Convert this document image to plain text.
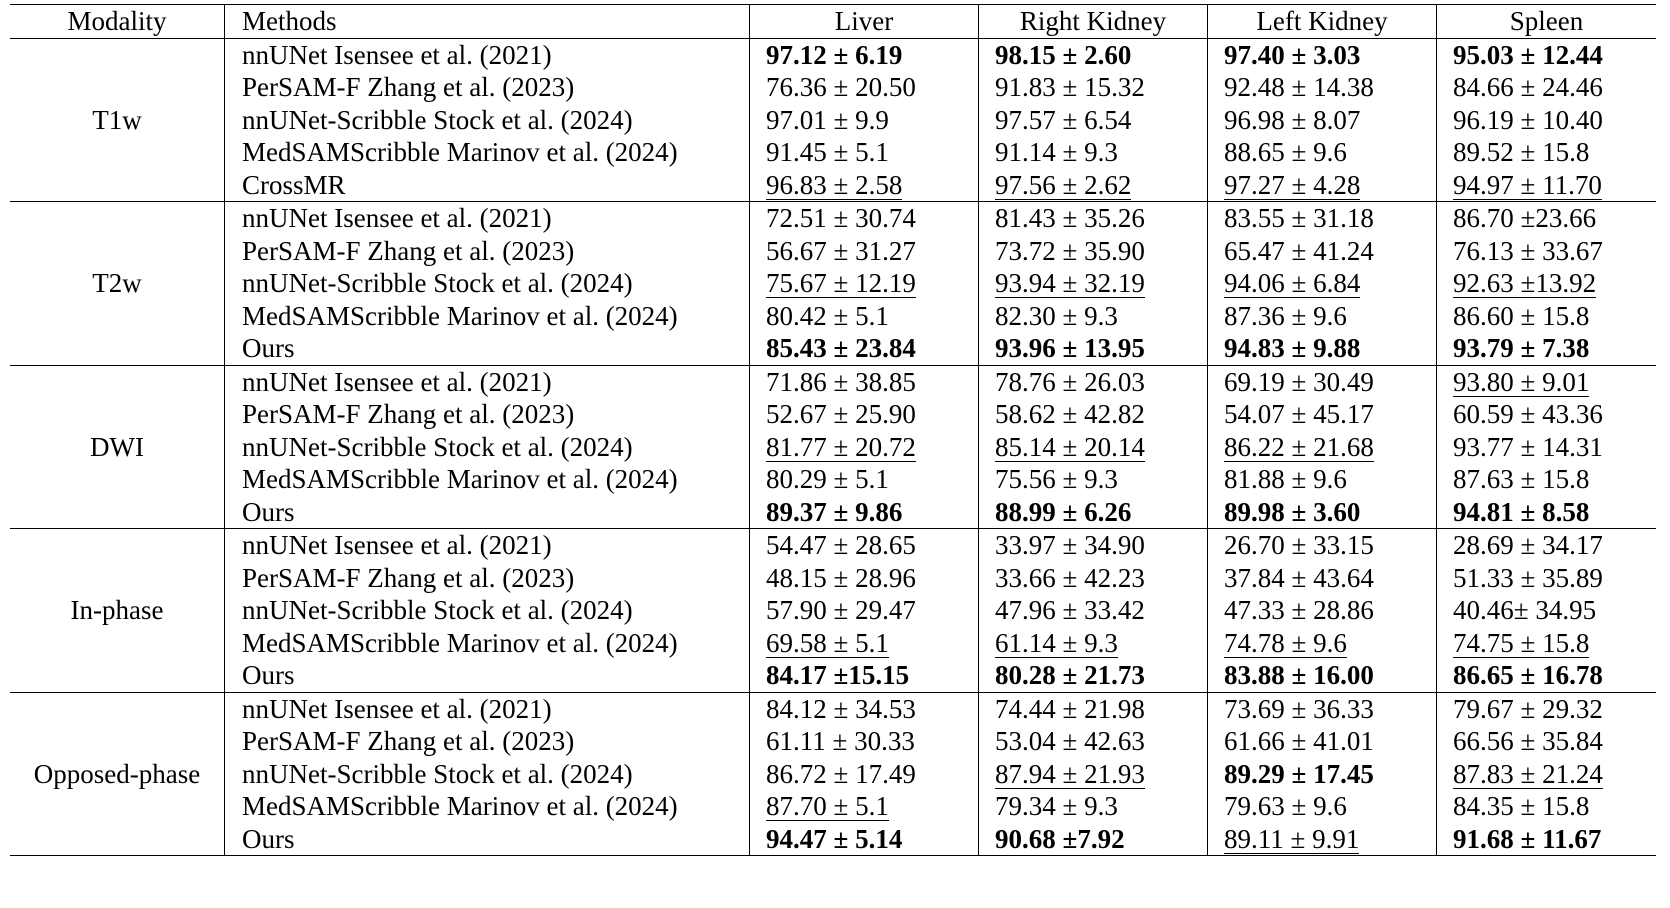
Modality	Methods	Liver	Right Kidney	Left Kidney	Spleen
T1w	nnUNet Isensee et al. (2021)	97.12 ± 6.19	98.15 ± 2.60	97.40 ± 3.03	95.03 ± 12.44
	PerSAM-F Zhang et al. (2023)	76.36 ± 20.50	91.83 ± 15.32	92.48 ± 14.38	84.66 ± 24.46
	nnUNet-Scribble Stock et al. (2024)	97.01 ± 9.9	97.57 ± 6.54	96.98 ± 8.07	96.19 ± 10.40
	MedSAMScribble Marinov et al. (2024)	91.45 ± 5.1	91.14 ± 9.3	88.65 ± 9.6	89.52 ± 15.8
	CrossMR	96.83 ± 2.58	97.56 ± 2.62	97.27 ± 4.28	94.97 ± 11.70
T2w	nnUNet Isensee et al. (2021)	72.51 ± 30.74	81.43 ± 35.26	83.55 ± 31.18	86.70 ±23.66
	PerSAM-F Zhang et al. (2023)	56.67 ± 31.27	73.72 ± 35.90	65.47 ± 41.24	76.13 ± 33.67
	nnUNet-Scribble Stock et al. (2024)	75.67 ± 12.19	93.94 ± 32.19	94.06 ± 6.84	92.63 ±13.92
	MedSAMScribble Marinov et al. (2024)	80.42 ± 5.1	82.30 ± 9.3	87.36 ± 9.6	86.60 ± 15.8
	Ours	85.43 ± 23.84	93.96 ± 13.95	94.83 ± 9.88	93.79 ± 7.38
DWI	nnUNet Isensee et al. (2021)	71.86 ± 38.85	78.76 ± 26.03	69.19 ± 30.49	93.80 ± 9.01
	PerSAM-F Zhang et al. (2023)	52.67 ± 25.90	58.62 ± 42.82	54.07 ± 45.17	60.59 ± 43.36
	nnUNet-Scribble Stock et al. (2024)	81.77 ± 20.72	85.14 ± 20.14	86.22 ± 21.68	93.77 ± 14.31
	MedSAMScribble Marinov et al. (2024)	80.29 ± 5.1	75.56 ± 9.3	81.88 ± 9.6	87.63 ± 15.8
	Ours	89.37 ± 9.86	88.99 ± 6.26	89.98 ± 3.60	94.81 ± 8.58
In-phase	nnUNet Isensee et al. (2021)	54.47 ± 28.65	33.97 ± 34.90	26.70 ± 33.15	28.69 ± 34.17
	PerSAM-F Zhang et al. (2023)	48.15 ± 28.96	33.66 ± 42.23	37.84 ± 43.64	51.33 ± 35.89
	nnUNet-Scribble Stock et al. (2024)	57.90 ± 29.47	47.96 ± 33.42	47.33 ± 28.86	40.46± 34.95
	MedSAMScribble Marinov et al. (2024)	69.58 ± 5.1	61.14 ± 9.3	74.78 ± 9.6	74.75 ± 15.8
	Ours	84.17 ±15.15	80.28 ± 21.73	83.88 ± 16.00	86.65 ± 16.78
Opposed-phase	nnUNet Isensee et al. (2021)	84.12 ± 34.53	74.44 ± 21.98	73.69 ± 36.33	79.67 ± 29.32
	PerSAM-F Zhang et al. (2023)	61.11 ± 30.33	53.04 ± 42.63	61.66 ± 41.01	66.56 ± 35.84
	nnUNet-Scribble Stock et al. (2024)	86.72 ± 17.49	87.94 ± 21.93	89.29 ± 17.45	87.83 ± 21.24
	MedSAMScribble Marinov et al. (2024)	87.70 ± 5.1	79.34 ± 9.3	79.63 ± 9.6	84.35 ± 15.8
	Ours	94.47 ± 5.14	90.68 ±7.92	89.11 ± 9.91	91.68 ± 11.67
